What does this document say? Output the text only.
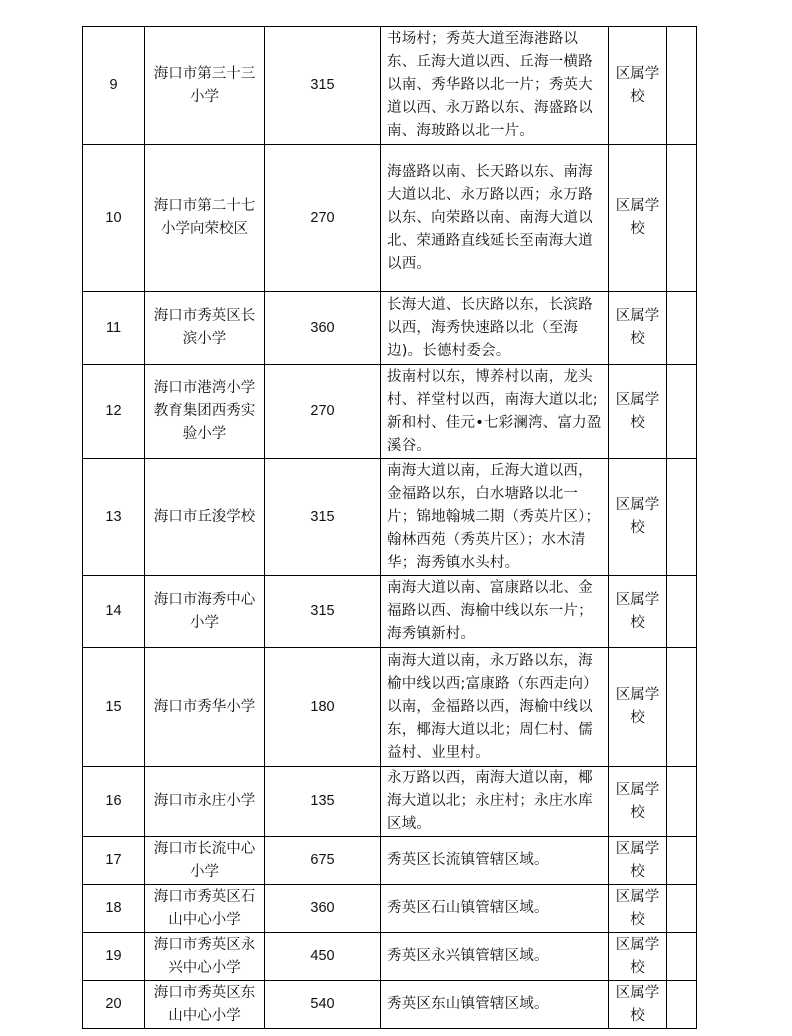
9	海口市第三十三小学	315	书场村；秀英大道至海港路以东、丘海大道以西、丘海一横路以南、秀华路以北一片；秀英大道以西、永万路以东、海盛路以南、海玻路以北一片。	区属学校	
10	海口市第二十七小学向荣校区	270	海盛路以南、长天路以东、南海大道以北、永万路以西；永万路以东、向荣路以南、南海大道以北、荣通路直线延长至南海大道以西。	区属学校	
11	海口市秀英区长滨小学	360	长海大道、长庆路以东，长滨路以西，海秀快速路以北（至海边)。长德村委会。	区属学校	
12	海口市港湾小学教育集团西秀实验小学	270	拔南村以东，博养村以南，龙头村、祥堂村以西，南海大道以北;新和村、佳元•七彩澜湾、富力盈溪谷。	区属学校	
13	海口市丘浚学校	315	南海大道以南，丘海大道以西，金福路以东，白水塘路以北一片；锦地翰城二期（秀英片区）；翰林西苑（秀英片区）；水木清华；海秀镇水头村。	区属学校	
14	海口市海秀中心小学	315	南海大道以南、富康路以北、金福路以西、海榆中线以东一片；海秀镇新村。	区属学校	
15	海口市秀华小学	180	南海大道以南，永万路以东，海榆中线以西;富康路（东西走向）以南，金福路以西，海榆中线以东，椰海大道以北；周仁村、儒益村、业里村。	区属学校	
16	海口市永庄小学	135	永万路以西，南海大道以南，椰海大道以北；永庄村；永庄水库区域。	区属学校	
17	海口市长流中心小学	675	秀英区长流镇管辖区域。	区属学校	
18	海口市秀英区石山中心小学	360	秀英区石山镇管辖区域。	区属学校	
19	海口市秀英区永兴中心小学	450	秀英区永兴镇管辖区域。	区属学校	
20	海口市秀英区东山中心小学	540	秀英区东山镇管辖区域。	区属学校	
